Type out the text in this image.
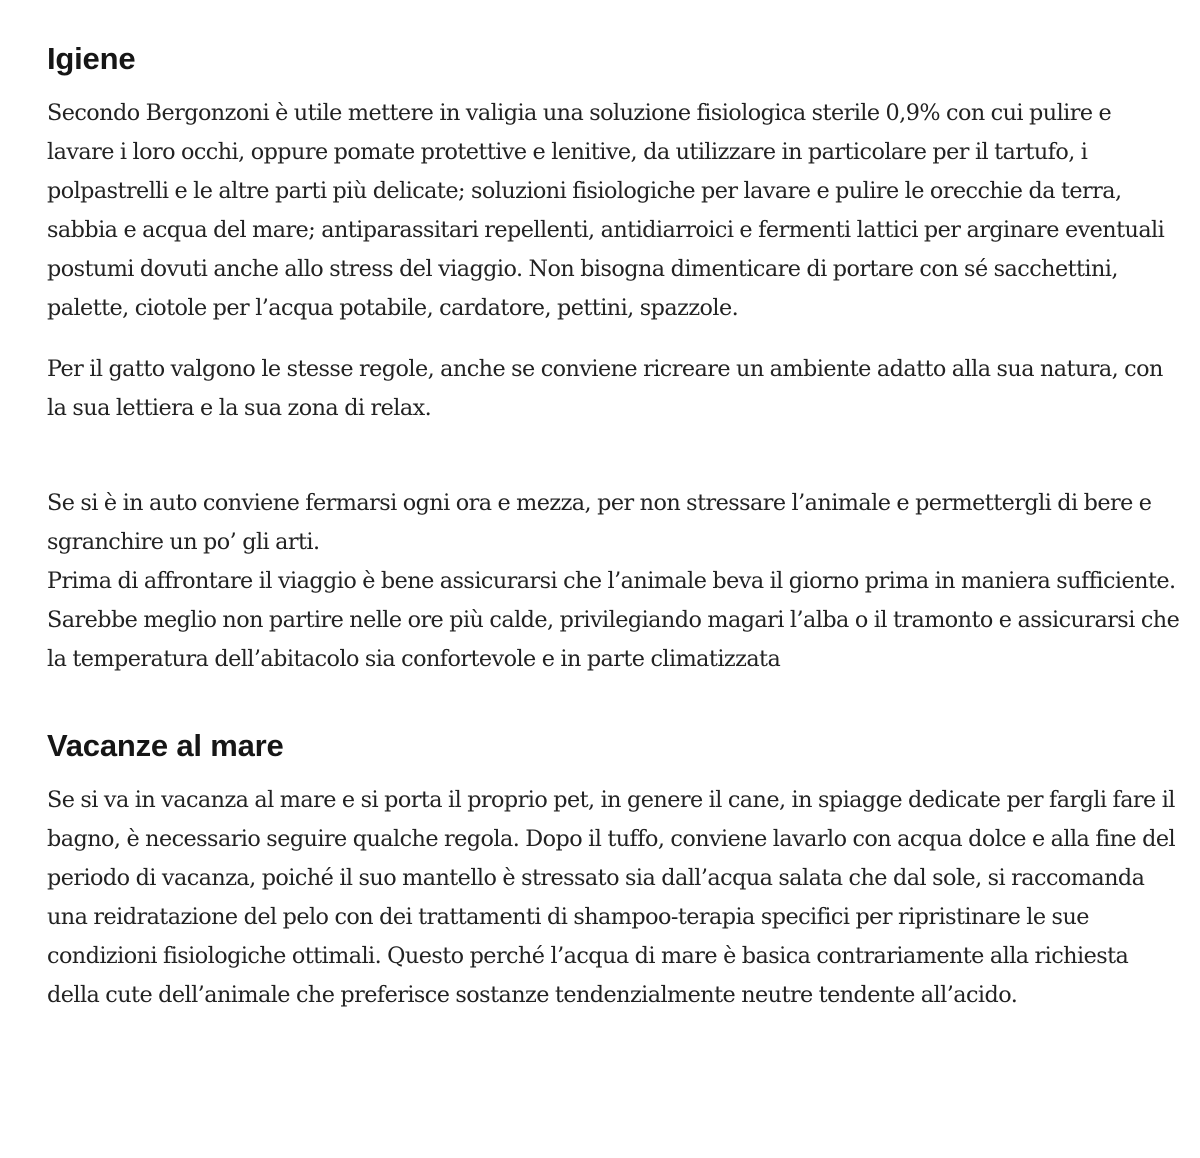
Igiene

Secondo Bergonzoni è utile mettere in valigia una soluzione fisiologica sterile 0,9% con cui pulire e lavare i loro occhi, oppure pomate protettive e lenitive, da utilizzare in particolare per il tartufo, i polpastrelli e le altre parti più delicate; soluzioni fisiologiche per lavare e pulire le orecchie da terra, sabbia e acqua del mare; antiparassitari repellenti, antidiarroici e fermenti lattici per arginare eventuali postumi dovuti anche allo stress del viaggio. Non bisogna dimenticare di portare con sé sacchettini, palette, ciotole per l’acqua potabile, cardatore, pettini, spazzole.

Per il gatto valgono le stesse regole, anche se conviene ricreare un ambiente adatto alla sua natura, con la sua lettiera e la sua zona di relax.

Se si è in auto conviene fermarsi ogni ora e mezza, per non stressare l’animale e permettergli di bere e sgranchire un po’ gli arti.

Prima di affrontare il viaggio è bene assicurarsi che l’animale beva il giorno prima in maniera sufficiente. Sarebbe meglio non partire nelle ore più calde, privilegiando magari l’alba o il tramonto e assicurarsi che la temperatura dell’abitacolo sia confortevole e in parte climatizzata

Vacanze al mare

Se si va in vacanza al mare e si porta il proprio pet, in genere il cane, in spiagge dedicate per fargli fare il bagno, è necessario seguire qualche regola. Dopo il tuffo, conviene lavarlo con acqua dolce e alla fine del periodo di vacanza, poiché il suo mantello è stressato sia dall’acqua salata che dal sole, si raccomanda una reidratazione del pelo con dei trattamenti di shampoo-terapia specifici per ripristinare le sue condizioni fisiologiche ottimali. Questo perché l’acqua di mare è basica contrariamente alla richiesta della cute dell’animale che preferisce sostanze tendenzialmente neutre tendente all’acido.
